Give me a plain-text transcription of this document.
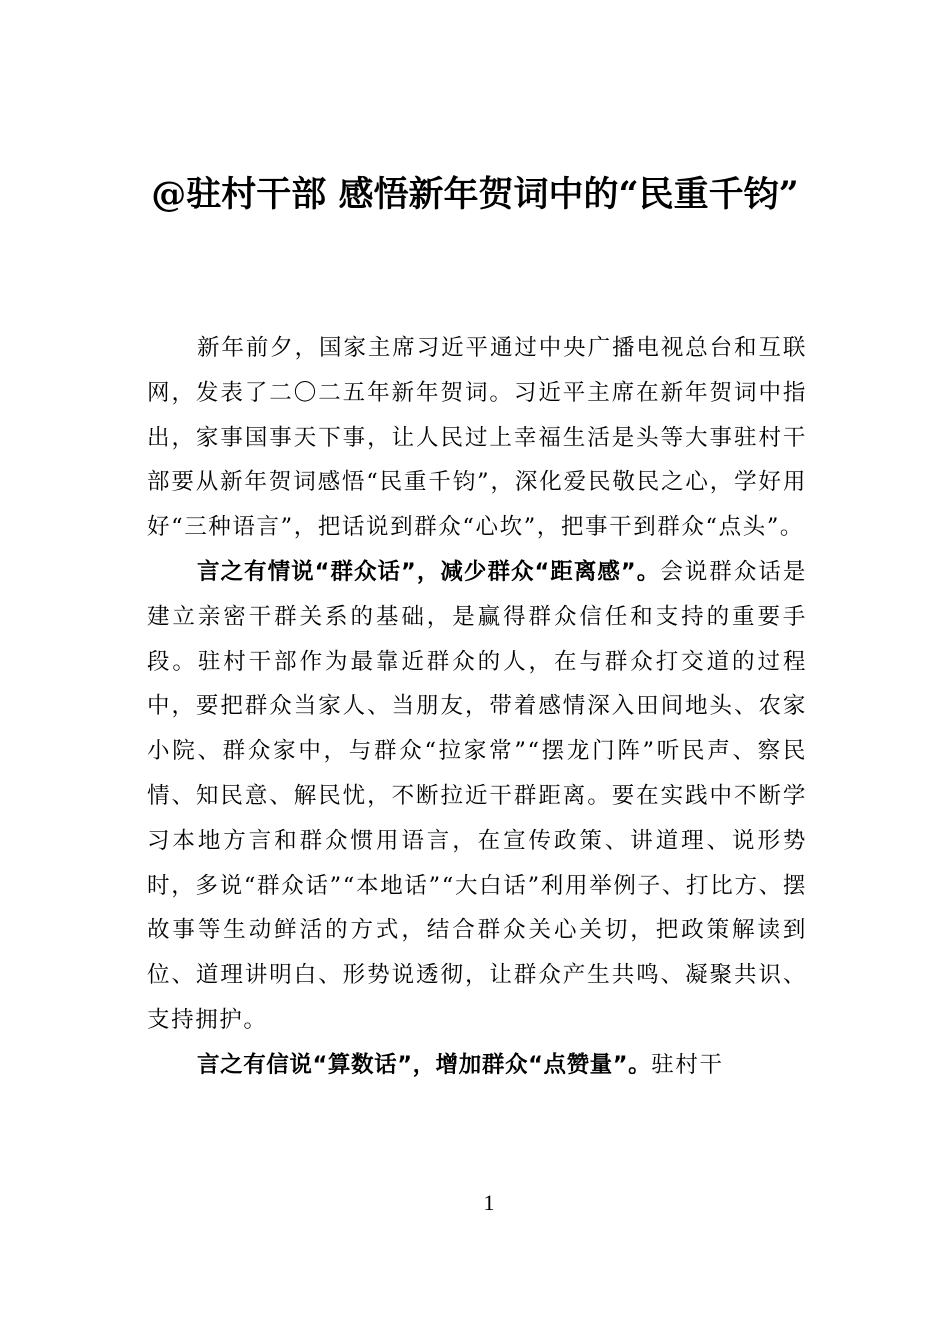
@驻村干部 感悟新年贺词中的“民重千钧”

新年前夕，国家主席习近平通过中央广播电视总台和互联网，发表了二〇二五年新年贺词。习近平主席在新年贺词中指出，家事国事天下事，让人民过上幸福生活是头等大事驻村干部要从新年贺词感悟“民重千钧”，深化爱民敬民之心，学好用好“三种语言”，把话说到群众“心坎”，把事干到群众“点头”。

言之有情说“群众话”，减少群众“距离感”。会说群众话是建立亲密干群关系的基础，是赢得群众信任和支持的重要手段。驻村干部作为最靠近群众的人，在与群众打交道的过程中，要把群众当家人、当朋友，带着感情深入田间地头、农家小院、群众家中，与群众“拉家常”“摆龙门阵”听民声、察民情、知民意、解民忧，不断拉近干群距离。要在实践中不断学习本地方言和群众惯用语言，在宣传政策、讲道理、说形势时，多说“群众话”“本地话”“大白话”利用举例子、打比方、摆故事等生动鲜活的方式，结合群众关心关切，把政策解读到位、道理讲明白、形势说透彻，让群众产生共鸣、凝聚共识、支持拥护。

言之有信说“算数话”，增加群众“点赞量”。驻村干

1
